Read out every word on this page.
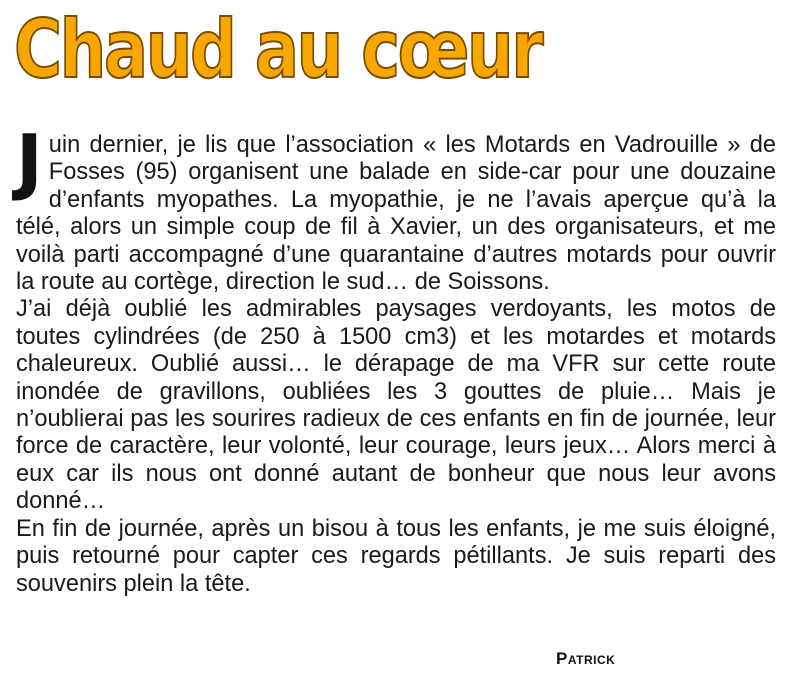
Chaud au cœur

J uin dernier, je lis que l’association « les Motards en Vadrouille » de Fosses (95) organisent une balade en side-car pour une douzaine d’enfants myopathes. La myopathie, je ne l’avais aperçue qu’à la télé, alors un simple coup de fil à Xavier, un des organisateurs, et me voilà parti accompagné d’une quarantaine d’autres motards pour ouvrir la route au cortège, direction le sud… de Soissons.

J’ai déjà oublié les admirables paysages verdoyants, les motos de toutes cylindrées (de 250 à 1500 cm3) et les motardes et motards chaleureux. Oublié aussi… le dérapage de ma VFR sur cette route inondée de gravillons, oubliées les 3 gouttes de pluie… Mais je n’oublierai pas les sourires radieux de ces enfants en fin de journée, leur force de caractère, leur volonté, leur courage, leurs jeux… Alors merci à eux car ils nous ont donné autant de bonheur que nous leur avons donné…

En fin de journée, après un bisou à tous les enfants, je me suis éloigné, puis retourné pour capter ces regards pétillants. Je suis reparti des souvenirs plein la tête.

Patrick
